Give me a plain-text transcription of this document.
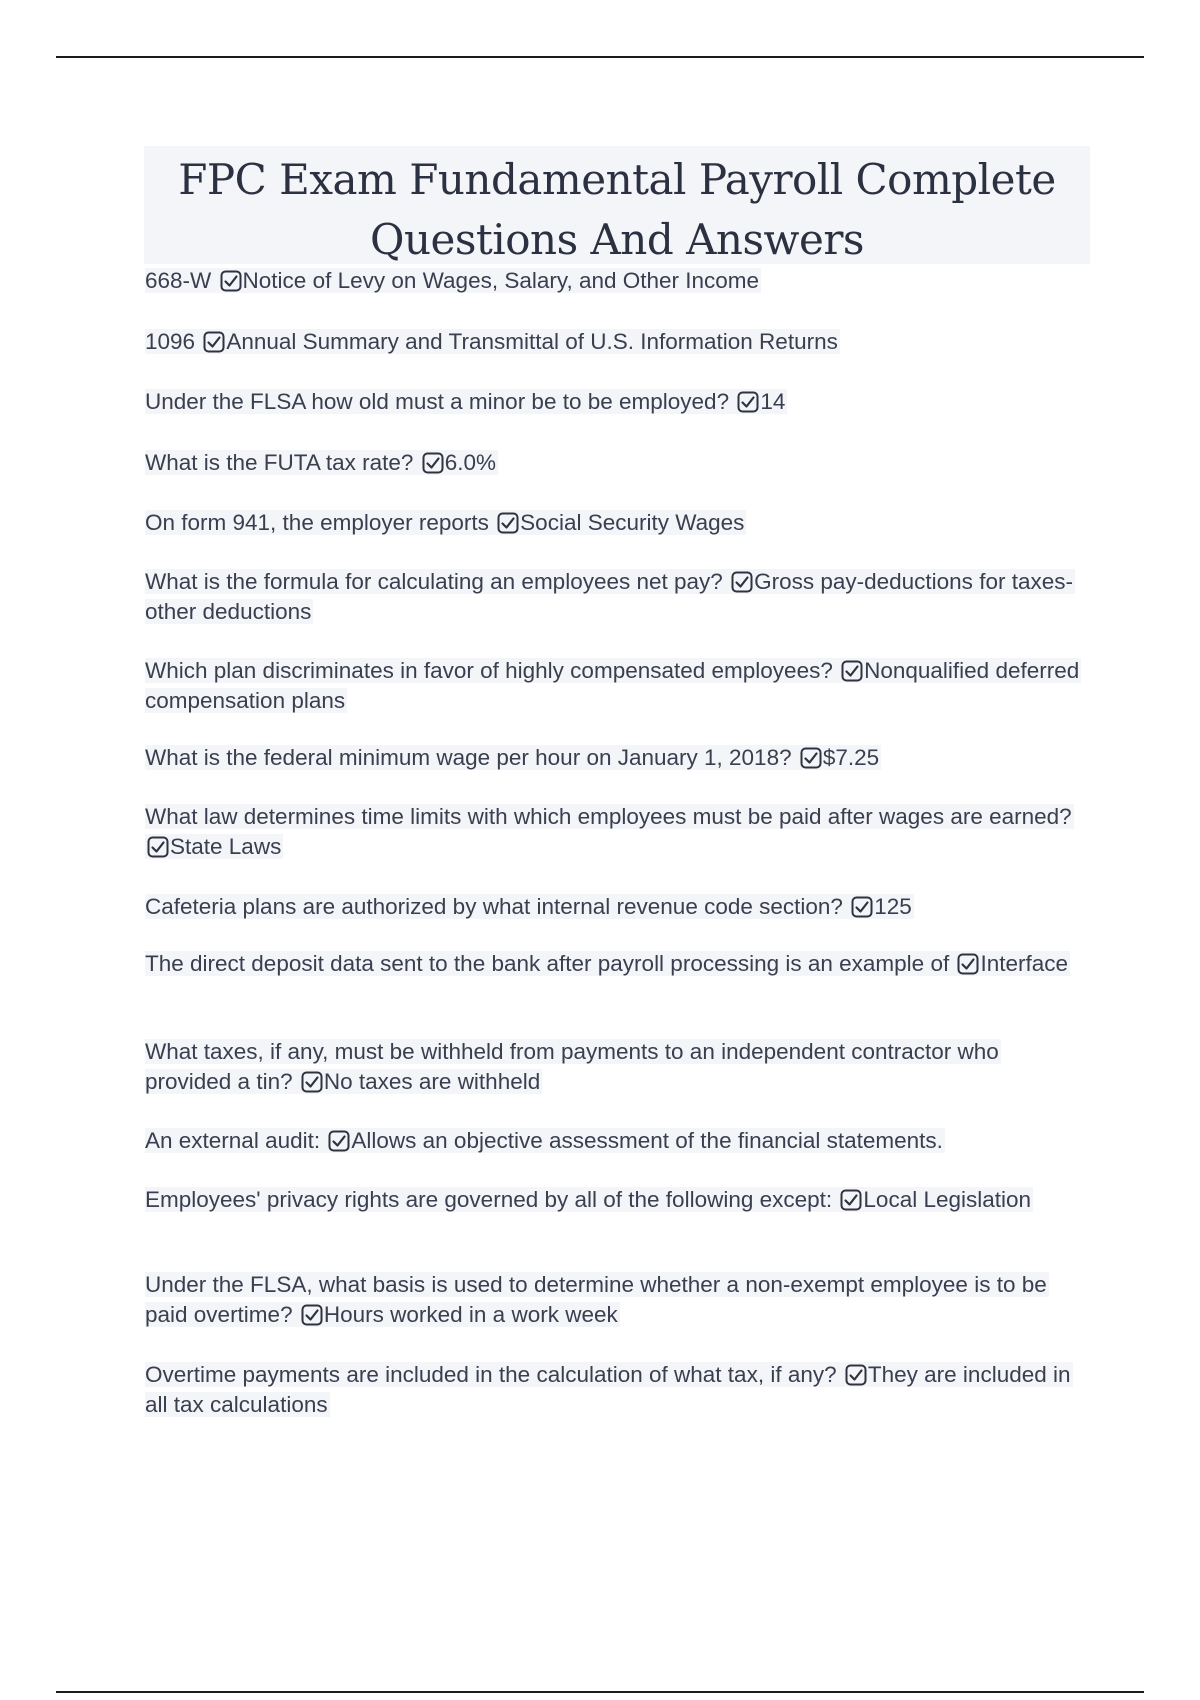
FPC Exam Fundamental Payroll Complete Questions And Answers
668-W Notice of Levy on Wages, Salary, and Other Income
1096 Annual Summary and Transmittal of U.S. Information Returns
Under the FLSA how old must a minor be to be employed? 14
What is the FUTA tax rate? 6.0%
On form 941, the employer reports Social Security Wages
What is the formula for calculating an employees net pay? Gross pay-deductions for taxes- other deductions
Which plan discriminates in favor of highly compensated employees? Nonqualified deferred compensation plans
What is the federal minimum wage per hour on January 1, 2018? $7.25
What law determines time limits with which employees must be paid after wages are earned?
State Laws
Cafeteria plans are authorized by what internal revenue code section? 125
The direct deposit data sent to the bank after payroll processing is an example of Interface
What taxes, if any, must be withheld from payments to an independent contractor who provided a tin? No taxes are withheld
An external audit: Allows an objective assessment of the financial statements.
Employees' privacy rights are governed by all of the following except: Local Legislation
Under the FLSA, what basis is used to determine whether a non-exempt employee is to be paid overtime? Hours worked in a work week
Overtime payments are included in the calculation of what tax, if any? They are included in all tax calculations
